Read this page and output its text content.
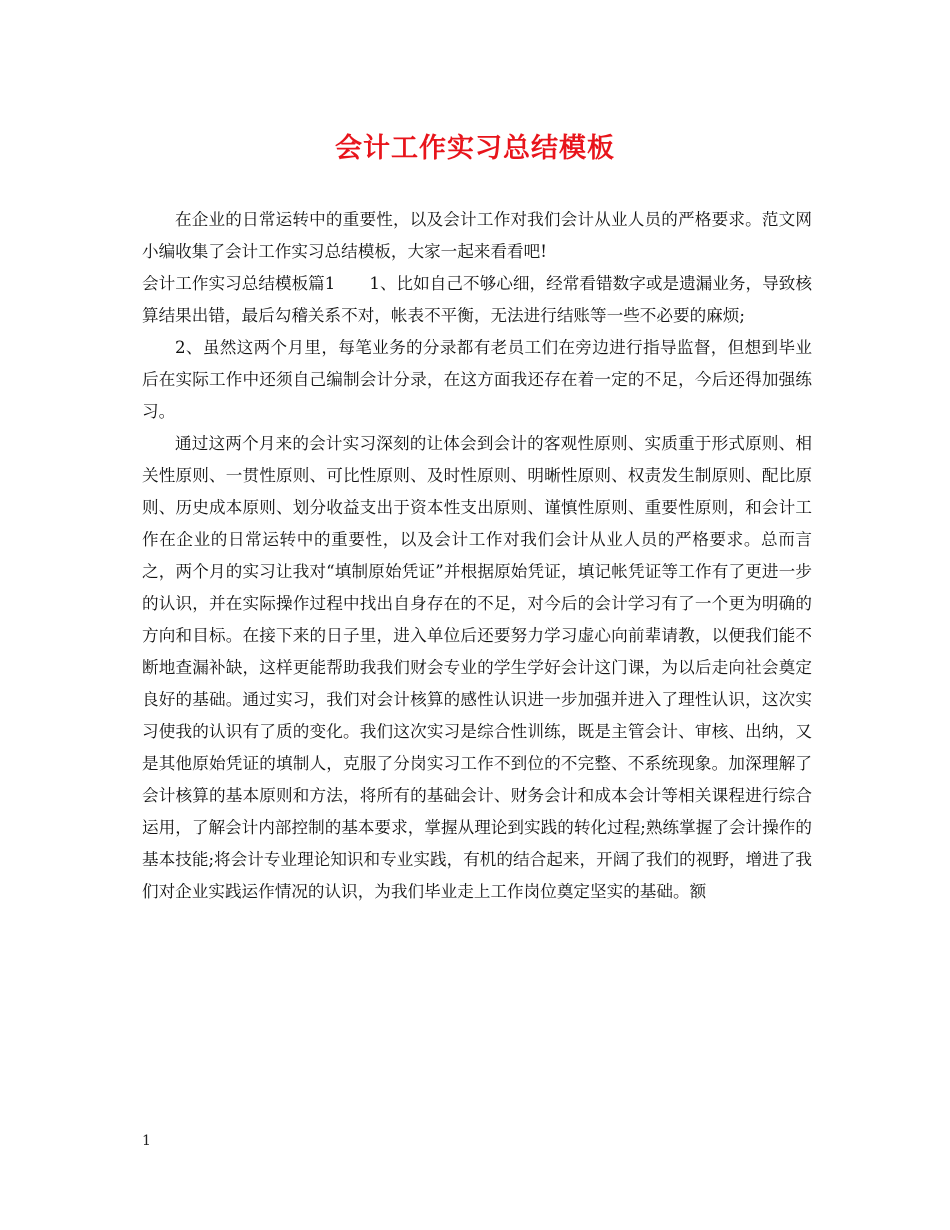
会计工作实习总结模板

在企业的日常运转中的重要性，以及会计工作对我们会计从业人员的严格要求。范文网小编收集了会计工作实习总结模板，大家一起来看看吧!

会计工作实习总结模板篇1 1、比如自己不够心细，经常看错数字或是遗漏业务，导致核算结果出错，最后勾稽关系不对，帐表不平衡，无法进行结账等一些不必要的麻烦;

2、虽然这两个月里，每笔业务的分录都有老员工们在旁边进行指导监督，但想到毕业后在实际工作中还须自己编制会计分录，在这方面我还存在着一定的不足，今后还得加强练习。

通过这两个月来的会计实习深刻的让体会到会计的客观性原则、实质重于形式原则、相关性原则、一贯性原则、可比性原则、及时性原则、明晰性原则、权责发生制原则、配比原则、历史成本原则、划分收益支出于资本性支出原则、谨慎性原则、重要性原则，和会计工作在企业的日常运转中的重要性，以及会计工作对我们会计从业人员的严格要求。总而言之，两个月的实习让我对“填制原始凭证”并根据原始凭证，填记帐凭证等工作有了更进一步的认识，并在实际操作过程中找出自身存在的不足，对今后的会计学习有了一个更为明确的方向和目标。在接下来的日子里，进入单位后还要努力学习虚心向前辈请教，以便我们能不断地查漏补缺，这样更能帮助我我们财会专业的学生学好会计这门课，为以后走向社会奠定良好的基础。通过实习，我们对会计核算的感性认识进一步加强并进入了理性认识，这次实习使我的认识有了质的变化。我们这次实习是综合性训练，既是主管会计、审核、出纳，又是其他原始凭证的填制人，克服了分岗实习工作不到位的不完整、不系统现象。加深理解了会计核算的基本原则和方法，将所有的基础会计、财务会计和成本会计等相关课程进行综合运用，了解会计内部控制的基本要求，掌握从理论到实践的转化过程;熟练掌握了会计操作的基本技能;将会计专业理论知识和专业实践，有机的结合起来，开阔了我们的视野，增进了我们对企业实践运作情况的认识，为我们毕业走上工作岗位奠定坚实的基础。额

1
